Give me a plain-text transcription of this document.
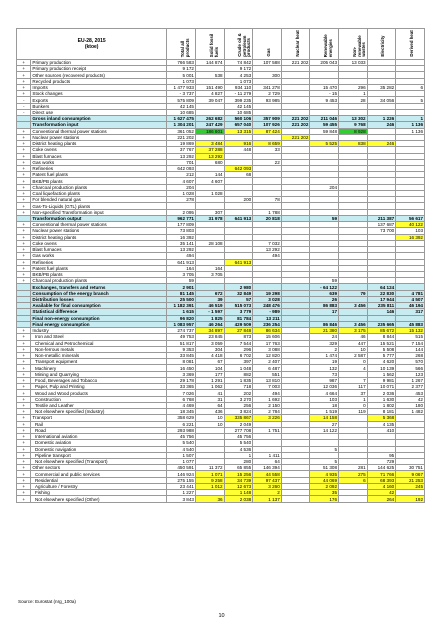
EU-28, 2015
(ktoe)		Total all products	Solid fossil fuels	Crude oil & petroleum products	Gas	Nuclear heat	Renewable energies	Non-renewable wastes	Electricity	Derived heat

+	Primary production	766 583	144 874	74 842	107 588	221 202	205 043	13 033		
+	Primary production receipt	9 172		9 172						
+	Other sources (recovered products)	5 001	538	4 253	300					
+	Recycled products	1 073		1 073						
+	Imports	1 477 933	151 490	934 110	341 278		15 470	296	35 282	6
+	Stock changes	- 3 737	4 827	- 11 279	2 729		- 15	1		
-	Exports	575 809	39 047	399 235	93 985		9 453	28	34 056	5
-	Bunkers	42 145		42 145						
-	Direct use	10 685		10 685						
	Gross inland consumption	1 627 475	262 682	560 106	357 909	221 202	211 046	13 302	1 226	1
	Transformation input	1 304 201	247 429	657 040	107 926	221 202	59 455	9 768	246	1 136
+	Conventional thermal power stations	361 052	186 601	13 315	87 424		59 848	8 928		1 136
+	Nuclear power stations	221 202				221 202				
+	District heating plants	19 869	3 484	916	8 659		5 525	838	246	
+	Coke ovens	37 767	37 288	448	33					
+	Blast furnaces	13 292	13 292							
+	Gas works	701	680		22					
+	Refineries	642 093		642 093						
+	Patent fuel plants	212	144	68						
+	BKB/PB plants	4 607	4 607							
+	Charcoal production plants	204					204			
+	Coal liquefaction plants	1 028	1 028							
+	For blended natural gas	278		200	78					
+	Gas-To-Liquids (GTL) plants									
+	Non-specified Transformation input	2 095	307		1 788					
	Transformation output	962 771	31 978	641 913	20 818		59		211 387	56 617
+	Conventional thermal power stations	177 809							137 687	40 122
+	Nuclear power stations	73 803							73 700	103
+	District heating plants	16 392								16 392
+	Coke ovens	35 141	28 108		7 032					
+	Blast furnaces	13 292			13 292					
+	Gas works	494			494					
+	Refineries	641 913		641 913						
+	Patent fuel plants	164	164							
+	BKB/PB plants	3 705	3 705							
+	Charcoal production plants	59					59			
	Exchanges, transfers and returns	2 901		2 980			- 64 122		64 124	
	Consumption of the energy branch	81 145	672	32 849	19 298		639	79	22 830	4 781
	Distribution losses	25 500	39	57	3 028		26		17 944	4 507
	Available for final consumption	1 182 391	46 519	515 073	248 476		86 883	3 456	235 811	46 194
	Statistical difference	1 615	- 1 597	3 779	- 989		17		146	317
	Final non-energy consumption	96 820	1 825	81 784	13 211					
	Final energy consumption	1 083 957	46 264	429 509	236 254		86 846	3 456	235 665	45 883
+	Industry	274 737	34 897	27 848	86 634		21 380	3 175	85 672	15 132
+	Iron and Steel	49 753	23 845	873	15 606		24	46	8 844	515
+	Chemical and Petrochemical	51 817	3 059	7 544	17 763		329	447	15 521	7 154
+	Non-ferrous metals	9 353	304	296	3 088		2	10	5 508	144
+	Non-metallic minerals	33 845	4 418	6 702	12 820		1 474	2 587	5 777	268
+	Transport equipment	8 081	67	397	2 407		19	0	4 620	570
+	Machinery	16 450	104	1 048	6 487		132	4	10 139	566
+	Mining and Quarrying	3 369	177	882	551		73		1 562	123
+	Food, Beverages and Tobacco	29 178	1 291	1 835	13 810		987	7	9 981	1 267
+	Paper, Pulp and Printing	33 365	1 062	718	7 003		12 036	117	10 071	2 377
+	Wood and Wood products	7 026	41	202	494		4 664	37	2 036	453
+	Construction	6 768	31	3 270	1 692		103	1	1 630	42
+	Textile and Leather	4 469	64	256	2 150		18	0	1 802	180
+	Not elsewhere specified (Industry)	18 345	436	3 824	2 784		1 519	119	8 181	1 482
+	Transport	358 629	10	335 867	3 226		14 158		5 368	
+	Rail	6 221	10	2 049			27		4 135	
+	Road	293 988		277 708	1 751		14 122		410	
+	International aviation	45 756		45 756						
+	Domestic aviation	5 540		5 540						
+	Domestic navigation	4 540		4 536			5			
+	Pipeline transport	1 507		1	1 411				95	
+	Not elsewhere specified (Transport)	1 077		280	64		5		729	
+	Other sectors	450 591	11 372	65 855	146 394		51 308	281	144 625	30 751
+	Commercial and public services	146 924	1 071	15 256	44 558		4 935	275	71 766	9 067
+	Residential	275 155	9 258	34 739	97 437		44 069	6	68 393	21 253
+	Agriculture / Forestry	23 441	1 012	12 673	3 260		2 092		4 160	245
+	Fishing	1 227		1 148	2		35		42	
+	Not elsewhere specified (Other)	3 843	36	2 038	1 137		176		264	192
Source: Eurostat (nrg_100a)
10
